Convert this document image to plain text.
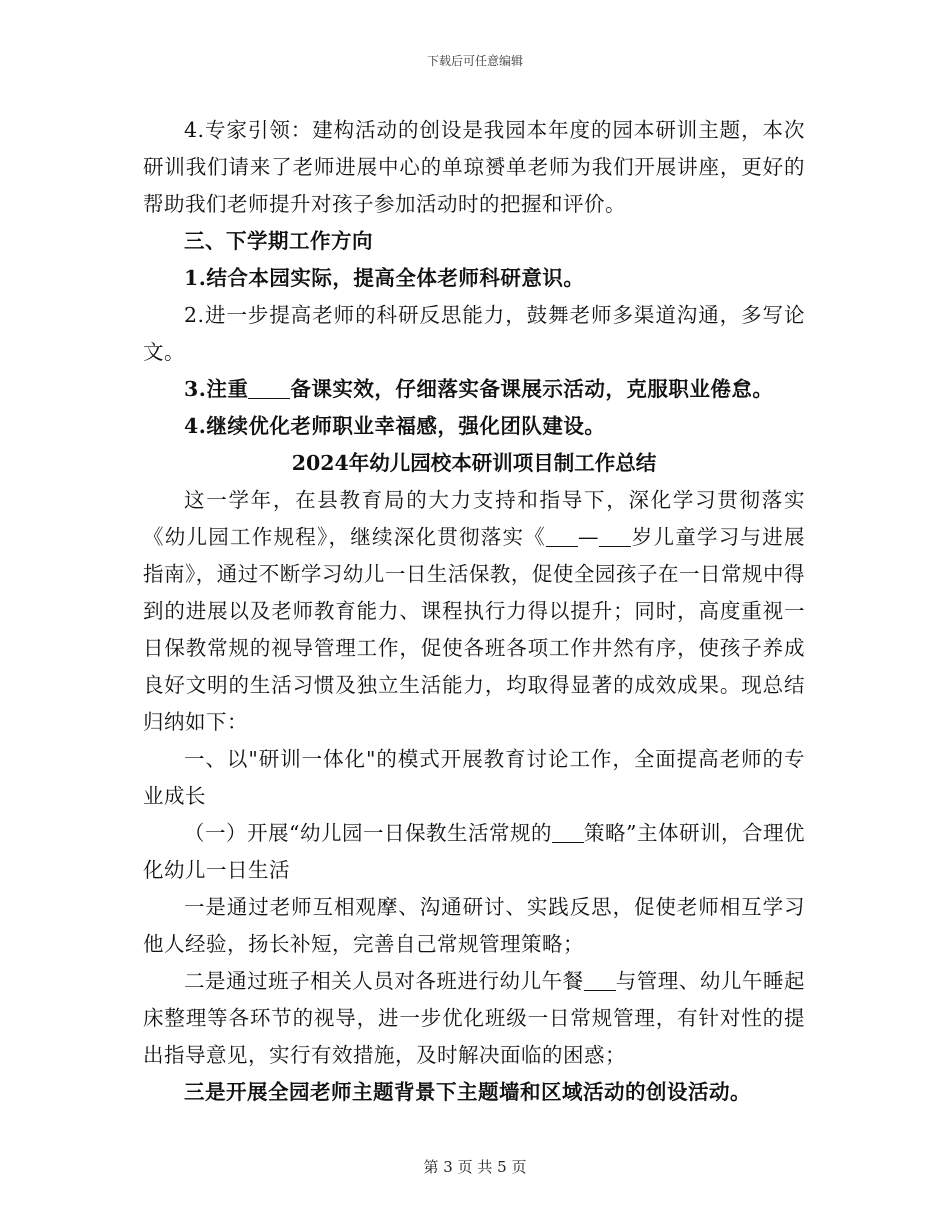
下载后可任意编辑

4.专家引领：建构活动的创设是我园本年度的园本研训主题，本次研训我们请来了老师进展中心的单琼赟单老师为我们开展讲座，更好的帮助我们老师提升对孩子参加活动时的把握和评价。

三、下学期工作方向

1.结合本园实际，提高全体老师科研意识。

2.进一步提高老师的科研反思能力，鼓舞老师多渠道沟通，多写论文。

3.注重 备课实效，仔细落实备课展示活动，克服职业倦怠。

4.继续优化老师职业幸福感，强化团队建设。

2024年幼儿园校本研训项目制工作总结

这一学年，在县教育局的大力支持和指导下，深化学习贯彻落实《幼儿园工作规程》，继续深化贯彻落实《 — 岁儿童学习与进展指南》，通过不断学习幼儿一日生活保教，促使全园孩子在一日常规中得到的进展以及老师教育能力、课程执行力得以提升；同时，高度重视一日保教常规的视导管理工作，促使各班各项工作井然有序，使孩子养成良好文明的生活习惯及独立生活能力，均取得显著的成效成果。现总结归纳如下：

一、以"研训一体化"的模式开展教育讨论工作，全面提高老师的专业成长

（一）开展“幼儿园一日保教生活常规的 策略”主体研训，合理优化幼儿一日生活

一是通过老师互相观摩、沟通研讨、实践反思，促使老师相互学习他人经验，扬长补短，完善自己常规管理策略；

二是通过班子相关人员对各班进行幼儿午餐 与管理、幼儿午睡起床整理等各环节的视导，进一步优化班级一日常规管理，有针对性的提出指导意见，实行有效措施，及时解决面临的困惑；

三是开展全园老师主题背景下主题墙和区域活动的创设活动。

第 3 页 共 5 页
